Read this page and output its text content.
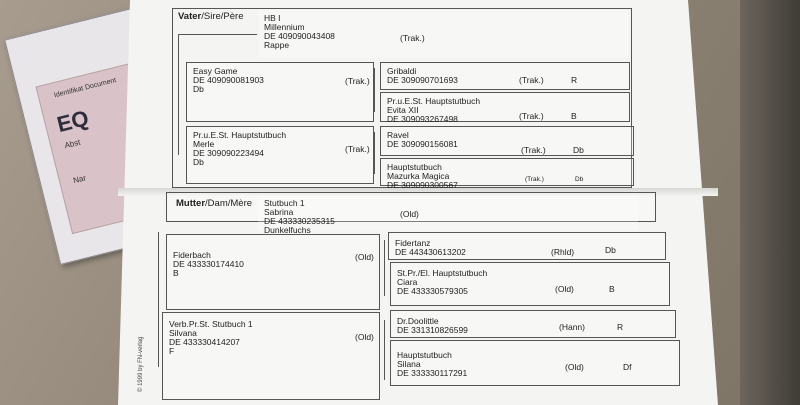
Identifikat Document
EQ
Abst
Nar
Vater/Sire/Père HB I
Millennium
DE 409090043408
Rappe
(Trak.)
Easy Game
DE 409090081903
Db
(Trak.)
Pr.u.E.St. Hauptstutbuch
Merle
DE 309090223494
Db
(Trak.)
Gribaldi
DE 309090701693	(Trak.)	R
Pr.u.E.St. Hauptstutbuch
Evita XII
DE 309093267498	(Trak.)	B
Ravel
DE 309090156081
(Trak.)	Db
Hauptstutbuch
Mazurka Magica
DE 309090300567
(Trak.)	Db
Mutter/Dam/Mère Stutbuch 1
Sabrina
DE 433330235315
Dunkelfuchs
(Old)
Fiderbach
DE 433330174410
B
(Old)
Verb.Pr.St. Stutbuch 1
Silvana
DE 433330414207
F
(Old)
Fidertanz
DE 443430613202	(Rhld)	Db
St.Pr./El. Hauptstutbuch
Ciara
DE 433330579305	(Old)	B
Dr.Doolittle
DE 331310826599	(Hann)	R
Hauptstutbuch
Silana
DE 333330117291
(Old)	Df
© 1999 by FN-verlag
